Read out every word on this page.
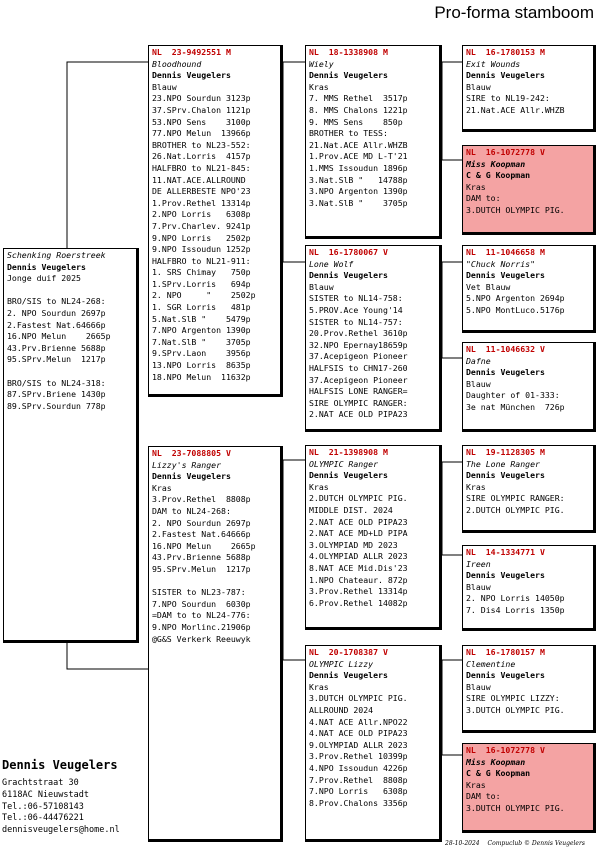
Pro-forma stamboom
Schenking Roerstreek
Dennis Veugelers
Jonge duif 2025
BRO/SIS to NL24-268:
2. NPO Sourdun 2697p
2.Fastest Nat.64666p
16.NPO Melun    2665p
43.Prv.Brienne 5688p
95.SPrv.Melun  1217p
BRO/SIS to NL24-318:
87.SPrv.Briene 1430p
89.SPrv.Sourdun 778p
NL  23-9492551 M
Bloodhound
Dennis Veugelers
Blauw
23.NPO Sourdun 3123p
37.SPrv.Chalon 1121p
53.NPO Sens    3100p
77.NPO Melun  13966p
BROTHER to NL23-552:
26.Nat.Lorris  4157p
HALFBRO to NL21-845:
11.NAT.ACE.ALLROUND
DE ALLERBESTE NPO'23
1.Prov.Rethel 13314p
2.NPO Lorris   6308p
7.Prv.Charlev. 9241p
9.NPO Lorris   2502p
9.NPO Issoudun 1252p
HALFBRO to NL21-911:
1. SRS Chimay   750p
1.SPrv.Lorris   694p
2. NPO     "    2502p
1. SGR Lorris   481p
5.Nat.SlB "    5479p
7.NPO Argenton 1390p
7.Nat.SlB "    3705p
9.SPrv.Laon    3956p
13.NPO Lorris  8635p
18.NPO Melun  11632p
NL  23-7088805 V
Lizzy's Ranger
Dennis Veugelers
Kras
3.Prov.Rethel  8808p
DAM to NL24-268:
2. NPO Sourdun 2697p
2.Fastest Nat.64666p
16.NPO Melun    2665p
43.Prv.Brienne 5688p
95.SPrv.Melun  1217p
SISTER to NL23-787:
7.NPO Sourdun  6030p
=DAM to to NL24-776:
9.NPO Morlinc.21906p
@G&S Verkerk Reeuwyk
NL  18-1338908 M
Wiely
Dennis Veugelers
Kras
7. MMS Rethel  3517p
8. MMS Chalons 1221p
9. MMS Sens    850p
BROTHER to TESS:
21.Nat.ACE Allr.WHZB
1.Prov.ACE MD L-T'21
1.MMS Issoudun 1896p
3.Nat.SlB "   14788p
3.NPO Argenton 1390p
3.Nat.SlB "    3705p
NL  16-1780067 V
Lone Wolf
Dennis Veugelers
Blauw
SISTER to NL14-758:
5.PROV.Ace Young'14
SISTER to NL14-757:
20.Prov.Rethel 3610p
32.NPO Epernay18659p
37.Acepigeon Pioneer
HALFSIS to CHN17-260
37.Acepigeon Pioneer
HALFSIS LONE RANGER=
SIRE OLYMPIC RANGER:
2.NAT ACE OLD PIPA23
NL  21-1398908 M
OLYMPIC Ranger
Dennis Veugelers
Kras
2.DUTCH OLYMPIC PIG.
MIDDLE DIST. 2024
2.NAT ACE OLD PIPA23
2.NAT ACE MD+LD PIPA
3.OLYMPIAD MD 2023
4.OLYMPIAD ALLR 2023
8.NAT ACE Mid.Dis'23
1.NPO Chateaur. 872p
3.Prov.Rethel 13314p
6.Prov.Rethel 14082p
NL  20-1708387 V
OLYMPIC Lizzy
Dennis Veugelers
Kras
3.DUTCH OLYMPIC PIG.
ALLROUND 2024
4.NAT ACE Allr.NPO22
4.NAT ACE OLD PIPA23
9.OLYMPIAD ALLR 2023
3.Prov.Rethel 10399p
4.NPO Issoudun 4226p
7.Prov.Rethel  8808p
7.NPO Lorris   6308p
8.Prov.Chalons 3356p
NL  16-1780153 M
Exit Wounds
Dennis Veugelers
Blauw
SIRE to NL19-242:
21.Nat.ACE Allr.WHZB
NL  16-1072778 V
Miss Koopman
C & G Koopman
Kras
DAM to:
3.DUTCH OLYMPIC PIG.
NL  11-1046658 M
"Chuck Norris"
Dennis Veugelers
Vet Blauw
5.NPO Argenton 2694p
5.NPO MontLuco.5176p
NL  11-1046632 V
Dafne
Dennis Veugelers
Blauw
Daughter of 01-333:
3e nat München  726p
NL  19-1128305 M
The Lone Ranger
Dennis Veugelers
Kras
SIRE OLYMPIC RANGER:
2.DUTCH OLYMPIC PIG.
NL  14-1334771 V
Ireen
Dennis Veugelers
Blauw
2. NPO Lorris 14050p
7. Dis4 Lorris 1350p
NL  16-1780157 M
Clementine
Dennis Veugelers
Blauw
SIRE OLYMPIC LIZZY:
3.DUTCH OLYMPIC PIG.
NL  16-1072778 V
Miss Koopman
C & G Koopman
Kras
DAM to:
3.DUTCH OLYMPIC PIG.
Dennis Veugelers
Grachtstraat 30
6118AC Nieuwstadt
Tel.:06-57108143
Tel.:06-44476221
dennisveugelers@home.nl
28-10-2024 Compuclub © Dennis Veugelers
